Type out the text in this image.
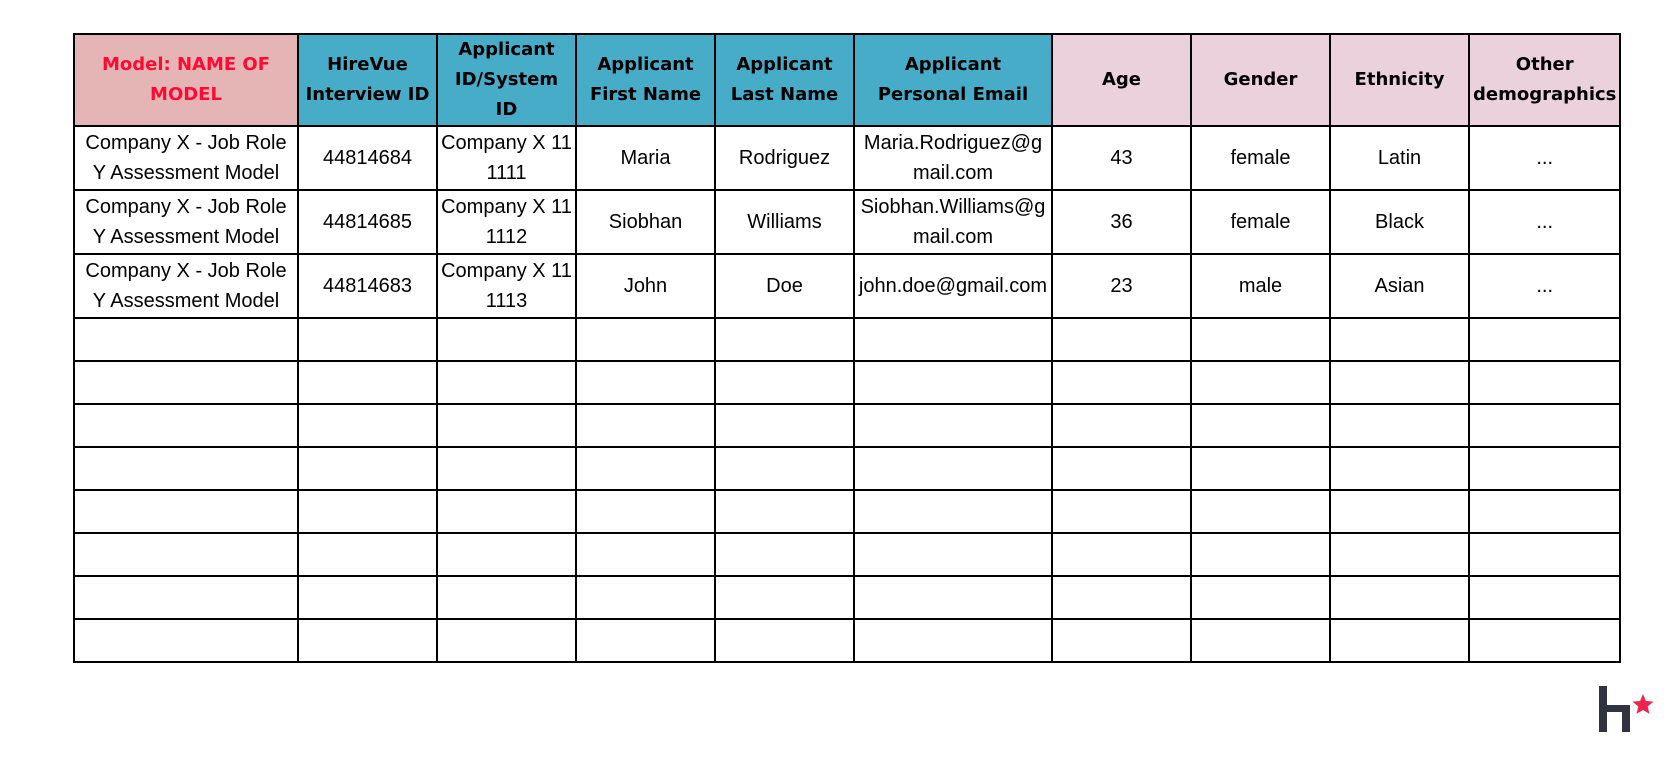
Model: NAME OF MODEL	HireVue Interview ID	Applicant ID/System ID	Applicant First Name	Applicant Last Name	Applicant Personal Email	Age	Gender	Ethnicity	Other demographics
Company X - Job Role Y Assessment Model	44814684	Company X 111111	Maria	Rodriguez	Maria.Rodriguez@gmail.com	43	female	Latin	...
Company X - Job Role Y Assessment Model	44814685	Company X 111112	Siobhan	Williams	Siobhan.Williams@gmail.com	36	female	Black	...
Company X - Job Role Y Assessment Model	44814683	Company X 111113	John	Doe	john.doe@gmail.com	23	male	Asian	...
